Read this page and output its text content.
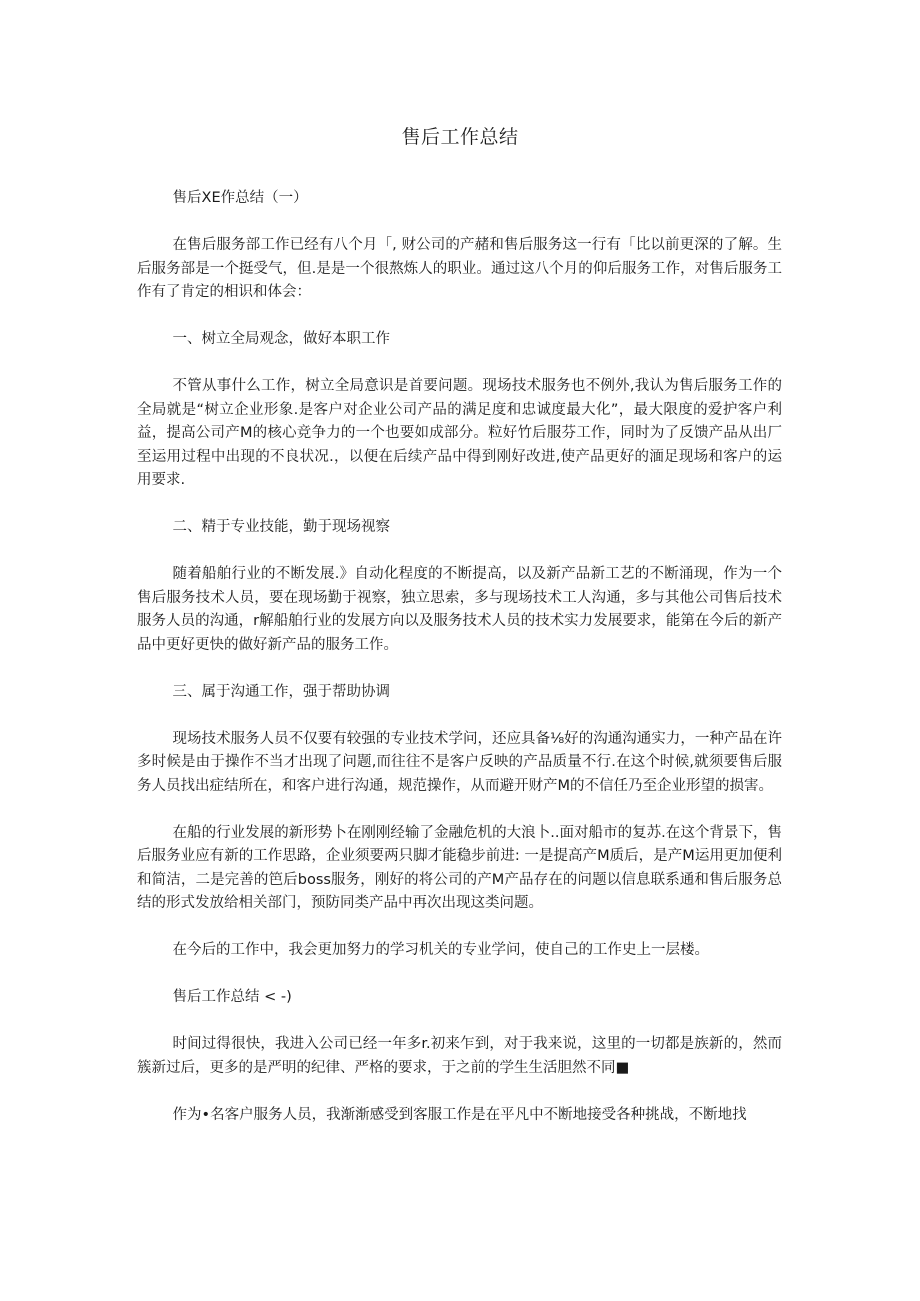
售后工作总结
售后XE作总结（一）

在售后服务部工作已经有八个月「, 财公司的产赭和售后服务这一行有「比以前更深的了解。生后服务部是一个挺受气，但.是是一个很熬炼人的职业。通过这八个月的仰后服务工作，对售后服务工作有了肯定的相识和体会：

一、树立全局观念，做好本职工作

不管从事什么工作，树立全局意识是首要问题。现场技术服务也不例外,我认为售后服务工作的全局就是“树立企业形象.是客户对企业公司产品的满足度和忠诚度最大化”，最大限度的爱护客户利益，提高公司产M的核心竞争力的一个也要如成部分。粒好竹后服芬工作，同时为了反馈产品从出厂至运用过程中出现的不良状况.，以便在后续产品中得到刚好改进,使产品更好的湎足现场和客户的运用要求.

二、精于专业技能，勤于现场视察

随着船舶行业的不断发展.》自动化程度的不断提高，以及新产品新工艺的不断涌现，作为一个售后服务技术人员，要在现场勤于视察，独立思索，多与现场技术工人沟通，多与其他公司售后技术服务人员的沟通，r解船舶行业的发展方向以及服务技术人员的技术实力发展要求，能第在今后的新产品中更好更快的做好新产品的服务工作。

三、属于沟通工作，强于帮助协调

现场技术服务人员不仅要有较强的专业技术学问，还应具备⅛好的沟通沟通实力，一种产品在许多时候是由于操作不当才出现了问题,而往往不是客户反映的产品质量不行.在这个时候,就须要售后服务人员找出症结所在，和客户进行沟通，规范操作，从而避开财产M的不信任乃至企业形望的损害。

在船的行业发展的新形势卜在刚刚经输了金融危机的大浪卜..面对船市的复苏.在这个背景下，售后服务业应有新的工作思路，企业须要两只脚才能稳步前进: 一是提高产M质后，是产M运用更加便利和简洁，二是完善的笆后boss服务，刚好的将公司的产M产品存在的问题以信息联系通和售后服务总结的形式发放给相关部门，预防同类产品中再次出现这类问题。

在今后的工作中，我会更加努力的学习机关的专业学问，使自己的工作史上一层楼。

售后工作总结 < -)

时间过得很快，我进入公司已经一年多r.初来乍到，对于我来说，这里的一切都是族新的，然而簇新过后，更多的是严明的纪律、严格的要求，于之前的学生生活胆然不同■

作为•名客户服务人员，我渐渐感受到客服工作是在平凡中不断地接受各种挑战，不断地找
